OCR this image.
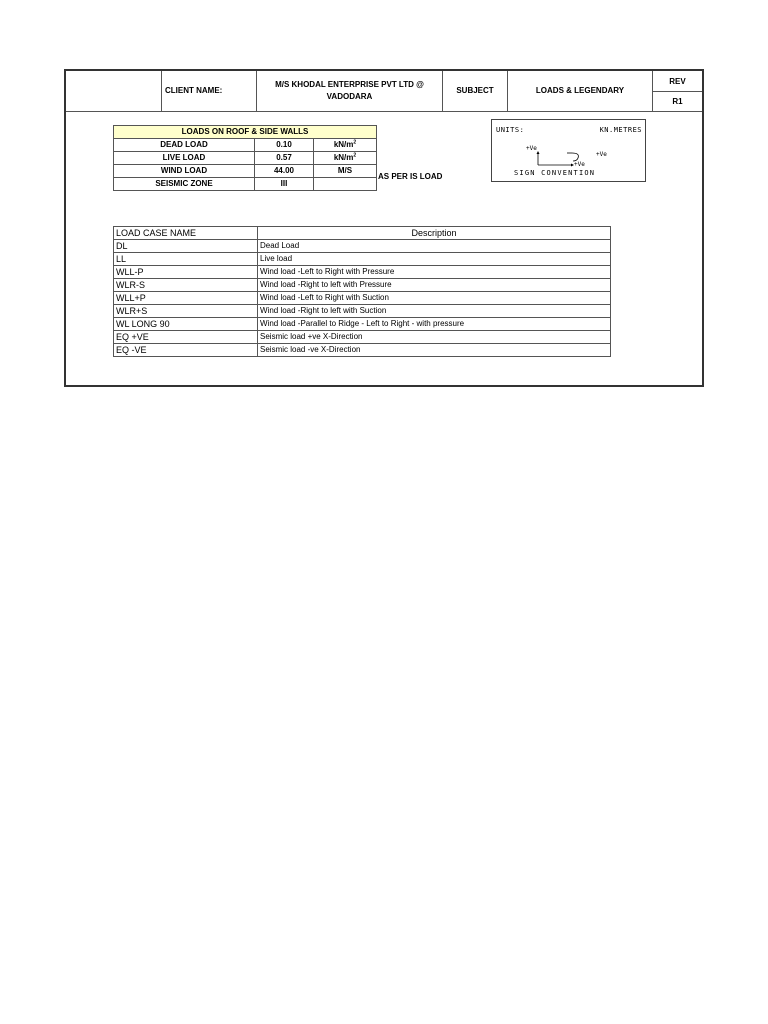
CLIENT NAME:
M/S KHODAL ENTERPRISE PVT LTD @
VADODARA
SUBJECT	LOADS & LEGENDARY
REV
R1
LOADS ON ROOF & SIDE WALLS		
DEAD LOAD	0.10	$kN/m^2$
LIVE LOAD	0.57	$kN/m^2$
WIND LOAD	44.00	M/S
SEISMIC ZONE	III	
AS PER IS LOAD
UNITS:	KN.METRES
+Ve
+Ve
+Ve
SIGN CONVENTION
LOAD CASE NAME	Description
DL	Dead Load
LL	Live load
WLL-P	Wind load -Left to Right with Pressure
WLR-S	Wind load -Right to left with Pressure
WLL+P	Wind load -Left to Right with Suction
WLR+S	Wind load -Right to left with Suction
WL LONG 90	Wind load -Parallel to Ridge - Left to Right - with pressure
EQ +VE	Seismic load +ve X-Direction
EQ -VE	Seismic load -ve X-Direction
